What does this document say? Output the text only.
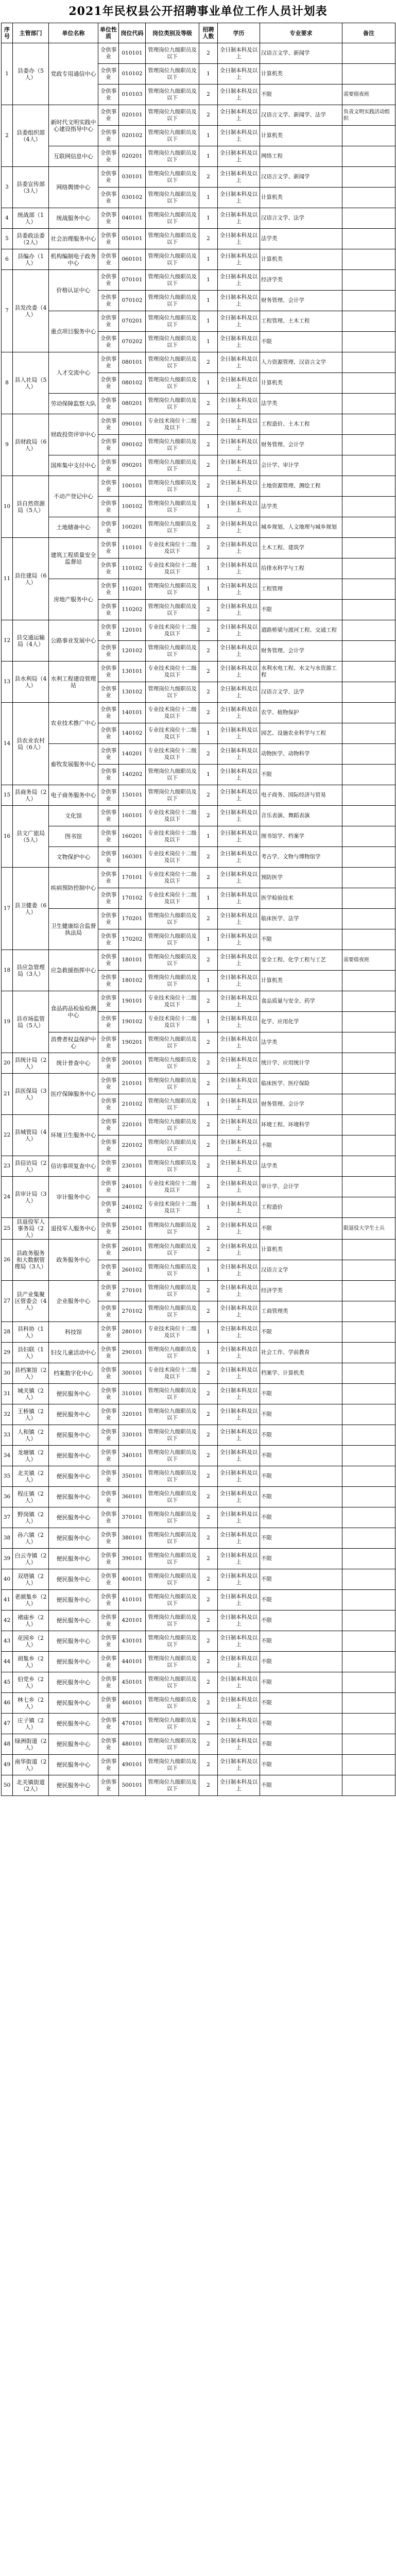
2021年民权县公开招聘事业单位工作人员计划表
序号	主管部门	单位名称	单位性质	岗位代码	岗位类别及等级	招聘人数	学历	专业要求	备注
1	县委办（5人）	党政专用通信中心	全供事业	010101	管理岗位九级职员及以下	2	全日制本科及以上	汉语言文学、新闻学	
			全供事业	010102	管理岗位九级职员及以下	1	全日制本科及以上	计算机类	
			全供事业	010103	管理岗位九级职员及以下	2	全日制本科及以上	不限	需要值夜班
2	县委组织部（4人）	新时代文明实践中心建设指导中心	全供事业	020101	管理岗位九级职员及以下	2	全日制本科及以上	汉语言文学、新闻学、法学	负责文明实践活动组织
			全供事业	020102	管理岗位九级职员及以下	1	全日制本科及以上	计算机类	
		互联网信息中心	全供事业	020201	管理岗位九级职员及以下	1	全日制本科及以上	网络工程	
3	县委宣传部（3人）	网络舆情中心	全供事业	030101	管理岗位九级职员及以下	2	全日制本科及以上	汉语言文学、新闻学	
			全供事业	030102	管理岗位九级职员及以下	1	全日制本科及以上	计算机类	
4	统战部（1人）	统战服务中心	全供事业	040101	管理岗位九级职员及以下	1	全日制本科及以上	汉语言文学、法学	
5	县委政法委（2人）	社会治理服务中心	全供事业	050101	管理岗位九级职员及以下	2	全日制本科及以上	法学类	
6	县编办（1人）	机构编制电子政务中心	全供事业	060101	管理岗位九级职员及以下	1	全日制本科及以上	计算机类	
7	县发改委（4人）	价格认证中心	全供事业	070101	管理岗位九级职员及以下	1	全日制本科及以上	经济学类	
			全供事业	070102	管理岗位九级职员及以下	1	全日制本科及以上	财务管理、会计学	
		重点项目服务中心	全供事业	070201	管理岗位九级职员及以下	1	全日制本科及以上	工程管理、土木工程	
			全供事业	070202	管理岗位九级职员及以下	1	全日制本科及以上	不限	
8	县人社局（5人）	人才交流中心	全供事业	080101	管理岗位九级职员及以下	2	全日制本科及以上	人力资源管理、汉语言文学	
			全供事业	080102	管理岗位九级职员及以下	1	全日制本科及以上	计算机类	
		劳动保障监察大队	全供事业	080201	管理岗位九级职员及以下	2	全日制本科及以上	法学类	
9	县财政局（6人）	财政投资评审中心	全供事业	090101	专业技术岗位十二级及以下	2	全日制本科及以上	工程造价、土木工程	
			全供事业	090102	管理岗位九级职员及以下	2	全日制本科及以上	财务管理、会计学	
		国库集中支付中心	全供事业	090201	管理岗位九级职员及以下	2	全日制本科及以上	会计学、审计学	
10	县自然资源局（5人）	不动产登记中心	全供事业	100101	管理岗位九级职员及以下	2	全日制本科及以上	土地资源管理、测绘工程	
			全供事业	100102	管理岗位九级职员及以下	1	全日制本科及以上	法学类	
		土地储备中心	全供事业	100201	管理岗位九级职员及以下	2	全日制本科及以上	城乡规划、人文地理与城乡规划	
11	县住建局（6人）	建筑工程质量安全监督站	全供事业	110101	专业技术岗位十二级及以下	2	全日制本科及以上	土木工程、建筑学	
			全供事业	110102	专业技术岗位十二级及以下	1	全日制本科及以上	给排水科学与工程	
		房地产服务中心	全供事业	110201	管理岗位九级职员及以下	1	全日制本科及以上	工程管理	
			全供事业	110202	管理岗位九级职员及以下	2	全日制本科及以上	不限	
12	县交通运输局（4人）	公路事业发展中心	全供事业	120101	专业技术岗位十二级及以下	2	全日制本科及以上	道路桥梁与渡河工程、交通工程	
			全供事业	120102	管理岗位九级职员及以下	2	全日制本科及以上	财务管理、会计学	
13	县水利局（4人）	水利工程建设管理站	全供事业	130101	专业技术岗位十二级及以下	2	全日制本科及以上	水利水电工程、水文与水资源工程	
			全供事业	130102	管理岗位九级职员及以下	2	全日制本科及以上	汉语言文学、法学	
14	县农业农村局（6人）	农业技术推广中心	全供事业	140101	专业技术岗位十二级及以下	2	全日制本科及以上	农学、植物保护	
			全供事业	140102	专业技术岗位十二级及以下	1	全日制本科及以上	园艺、设施农业科学与工程	
		畜牧发展服务中心	全供事业	140201	专业技术岗位十二级及以下	2	全日制本科及以上	动物医学、动物科学	
			全供事业	140202	管理岗位九级职员及以下	1	全日制本科及以上	不限	
15	县商务局（2人）	电子商务服务中心	全供事业	150101	管理岗位九级职员及以下	2	全日制本科及以上	电子商务、国际经济与贸易	
16	县文广旅局（5人）	文化馆	全供事业	160101	专业技术岗位十二级及以下	2	全日制本科及以上	音乐表演、舞蹈表演	
		图书馆	全供事业	160201	专业技术岗位十二级及以下	1	全日制本科及以上	图书馆学、档案学	
		文物保护中心	全供事业	160301	专业技术岗位十二级及以下	2	全日制本科及以上	考古学、文物与博物馆学	
17	县卫健委（6人）	疾病预防控制中心	全供事业	170101	专业技术岗位十二级及以下	2	全日制本科及以上	预防医学	
			全供事业	170102	专业技术岗位十二级及以下	1	全日制本科及以上	医学检验技术	
		卫生健康综合监督执法局	全供事业	170201	管理岗位九级职员及以下	2	全日制本科及以上	临床医学、法学	
			全供事业	170202	管理岗位九级职员及以下	1	全日制本科及以上	不限	
18	县应急管理局（3人）	应急救援指挥中心	全供事业	180101	管理岗位九级职员及以下	2	全日制本科及以上	安全工程、化学工程与工艺	需要值夜班
			全供事业	180102	管理岗位九级职员及以下	1	全日制本科及以上	计算机类	
19	县市场监管局（5人）	食品药品检验检测中心	全供事业	190101	专业技术岗位十二级及以下	2	全日制本科及以上	食品质量与安全、药学	
			全供事业	190102	专业技术岗位十二级及以下	1	全日制本科及以上	化学、应用化学	
		消费者权益保护中心	全供事业	190201	管理岗位九级职员及以下	2	全日制本科及以上	法学类	
20	县统计局（2人）	统计普查中心	全供事业	200101	管理岗位九级职员及以下	2	全日制本科及以上	统计学、应用统计学	
21	县医保局（3人）	医疗保障服务中心	全供事业	210101	管理岗位九级职员及以下	2	全日制本科及以上	临床医学、医疗保险	
			全供事业	210102	管理岗位九级职员及以下	1	全日制本科及以上	财务管理、会计学	
22	县城管局（4人）	环境卫生服务中心	全供事业	220101	管理岗位九级职员及以下	2	全日制本科及以上	环境工程、环境科学	
			全供事业	220102	管理岗位九级职员及以下	2	全日制本科及以上	不限	
23	县信访局（2人）	信访事项复查中心	全供事业	230101	管理岗位九级职员及以下	2	全日制本科及以上	法学类	
24	县审计局（3人）	审计服务中心	全供事业	240101	专业技术岗位十二级及以下	2	全日制本科及以上	审计学、会计学	
			全供事业	240102	专业技术岗位十二级及以下	1	全日制本科及以上	工程造价	
25	县退役军人事务局（2人）	退役军人服务中心	全供事业	250101	管理岗位九级职员及以下	2	全日制本科及以上	不限	限退役大学生士兵
26	县政务服务和大数据管理局（3人）	政务服务中心	全供事业	260101	管理岗位九级职员及以下	2	全日制本科及以上	计算机类	
			全供事业	260102	管理岗位九级职员及以下	1	全日制本科及以上	汉语言文学	
27	县产业集聚区管委会（4人）	企业服务中心	全供事业	270101	管理岗位九级职员及以下	2	全日制本科及以上	经济学类	
			全供事业	270102	管理岗位九级职员及以下	2	全日制本科及以上	工商管理类	
28	县科协（1人）	科技馆	全供事业	280101	专业技术岗位十二级及以下	1	全日制本科及以上	不限	
29	县妇联（1人）	妇女儿童活动中心	全供事业	290101	管理岗位九级职员及以下	1	全日制本科及以上	社会工作、学前教育	
30	县档案馆（2人）	档案数字化中心	全供事业	300101	专业技术岗位十二级及以下	2	全日制本科及以上	档案学、计算机类	
31	城关镇（2人）	便民服务中心	全供事业	310101	管理岗位九级职员及以下	2	全日制本科及以上	不限	
32	王桥镇（2人）	便民服务中心	全供事业	320101	管理岗位九级职员及以下	2	全日制本科及以上	不限	
33	人和镇（2人）	便民服务中心	全供事业	330101	管理岗位九级职员及以下	2	全日制本科及以上	不限	
34	龙塘镇（2人）	便民服务中心	全供事业	340101	管理岗位九级职员及以下	2	全日制本科及以上	不限	
35	北关镇（2人）	便民服务中心	全供事业	350101	管理岗位九级职员及以下	2	全日制本科及以上	不限	
36	程庄镇（2人）	便民服务中心	全供事业	360101	管理岗位九级职员及以下	2	全日制本科及以上	不限	
37	野岗镇（2人）	便民服务中心	全供事业	370101	管理岗位九级职员及以下	2	全日制本科及以上	不限	
38	孙六镇（2人）	便民服务中心	全供事业	380101	管理岗位九级职员及以下	2	全日制本科及以上	不限	
39	白云寺镇（2人）	便民服务中心	全供事业	390101	管理岗位九级职员及以下	2	全日制本科及以上	不限	
40	双塔镇（2人）	便民服务中心	全供事业	400101	管理岗位九级职员及以下	2	全日制本科及以上	不限	
41	老颜集乡（2人）	便民服务中心	全供事业	410101	管理岗位九级职员及以下	2	全日制本科及以上	不限	
42	褚庙乡（2人）	便民服务中心	全供事业	420101	管理岗位九级职员及以下	2	全日制本科及以上	不限	
43	花园乡（2人）	便民服务中心	全供事业	430101	管理岗位九级职员及以下	2	全日制本科及以上	不限	
44	胡集乡（2人）	便民服务中心	全供事业	440101	管理岗位九级职员及以下	2	全日制本科及以上	不限	
45	伯党乡（2人）	便民服务中心	全供事业	450101	管理岗位九级职员及以下	2	全日制本科及以上	不限	
46	林七乡（2人）	便民服务中心	全供事业	460101	管理岗位九级职员及以下	2	全日制本科及以上	不限	
47	庄子镇（2人）	便民服务中心	全供事业	470101	管理岗位九级职员及以下	2	全日制本科及以上	不限	
48	绿洲街道（2人）	便民服务中心	全供事业	480101	管理岗位九级职员及以下	2	全日制本科及以上	不限	
49	南华街道（2人）	便民服务中心	全供事业	490101	管理岗位九级职员及以下	2	全日制本科及以上	不限	
50	北关镇街道（2人）	便民服务中心	全供事业	500101	管理岗位九级职员及以下	2	全日制本科及以上	不限	
